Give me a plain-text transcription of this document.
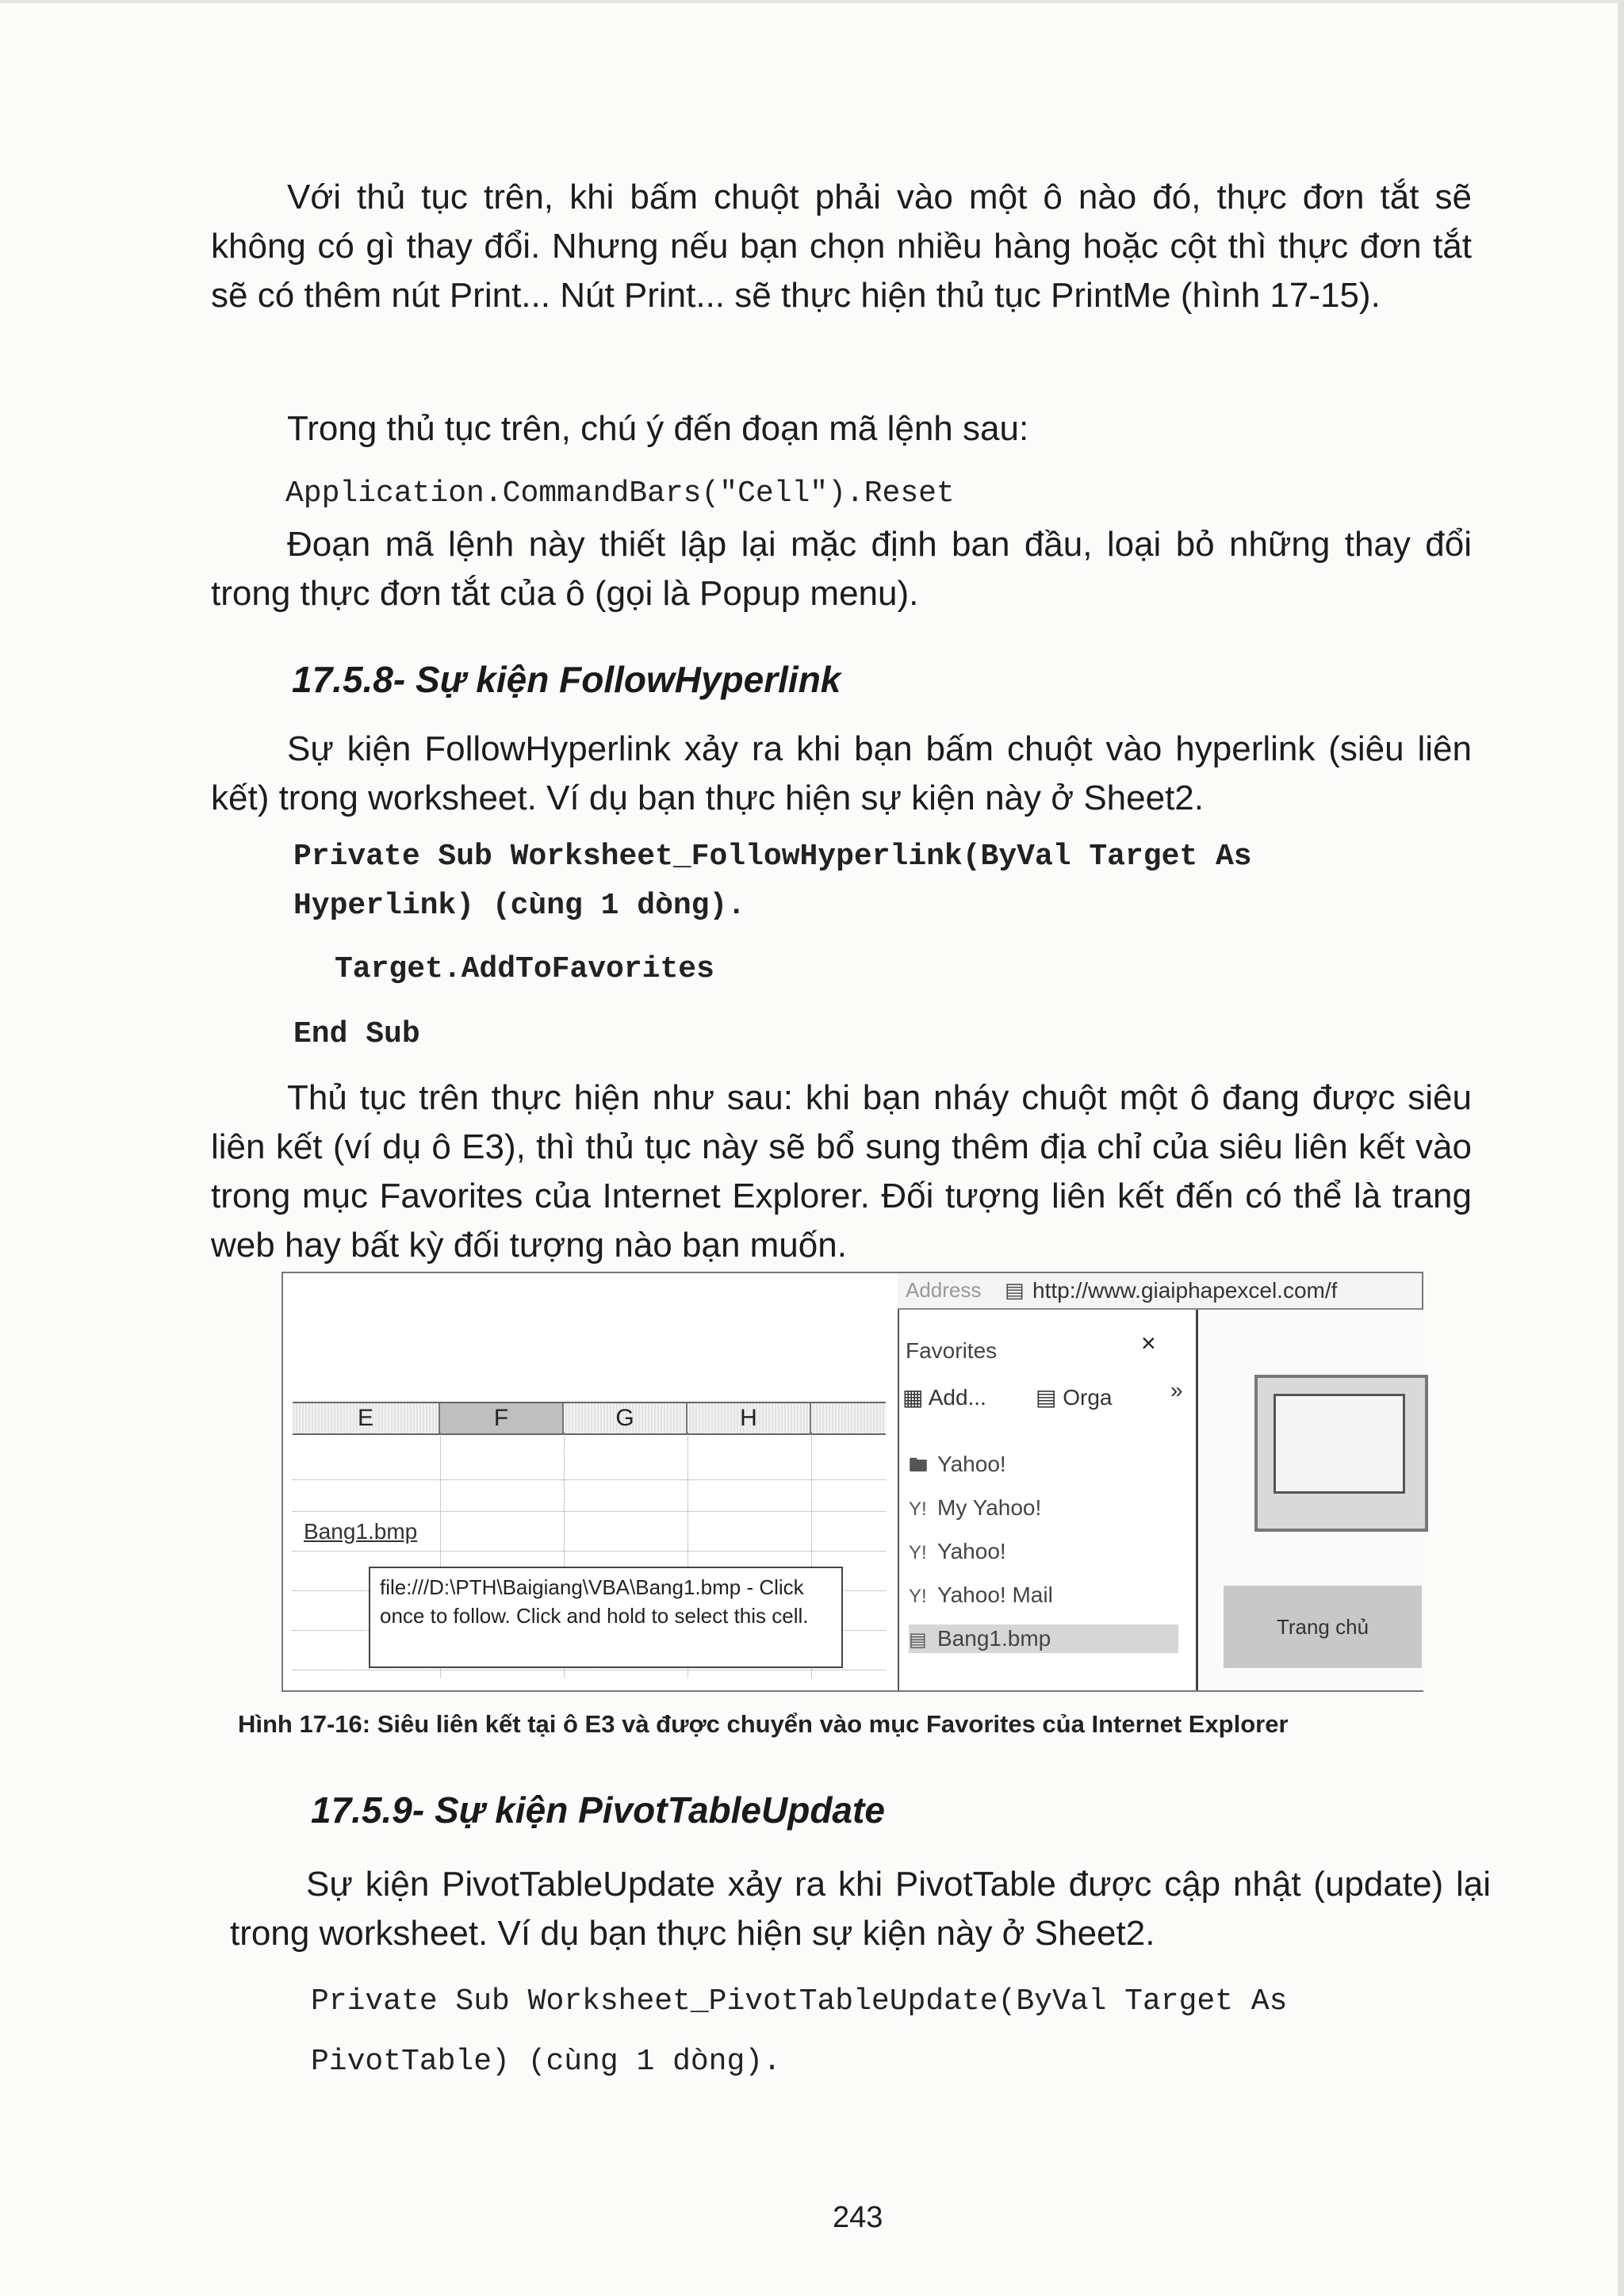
Với thủ tục trên, khi bấm chuột phải vào một ô nào đó, thực đơn tắt sẽ không có gì thay đổi. Nhưng nếu bạn chọn nhiều hàng hoặc cột thì thực đơn tắt sẽ có thêm nút Print... Nút Print... sẽ thực hiện thủ tục PrintMe (hình 17-15).

Trong thủ tục trên, chú ý đến đoạn mã lệnh sau:

Application.CommandBars("Cell").Reset

Đoạn mã lệnh này thiết lập lại mặc định ban đầu, loại bỏ những thay đổi trong thực đơn tắt của ô (gọi là Popup menu).

17.5.8- Sự kiện FollowHyperlink

Sự kiện FollowHyperlink xảy ra khi bạn bấm chuột vào hyperlink (siêu liên kết) trong worksheet. Ví dụ bạn thực hiện sự kiện này ở Sheet2.

Private Sub Worksheet_FollowHyperlink(ByVal Target As

Hyperlink) (cùng 1 dòng).

Target.AddToFavorites

End Sub

Thủ tục trên thực hiện như sau: khi bạn nháy chuột một ô đang được siêu liên kết (ví dụ ô E3), thì thủ tục này sẽ bổ sung thêm địa chỉ của siêu liên kết vào trong mục Favorites của Internet Explorer. Đối tượng liên kết đến có thể là trang web hay bất kỳ đối tượng nào bạn muốn.

E	F	G	H
Bang1.bmp
file:///D:\PTH\Baigiang\VBA\Bang1.bmp - Click once to follow. Click and hold to select this cell.
Favorites	×
▦ Add... ▤ Orga	»
🖿 Yahoo!
Y! My Yahoo!
Y! Yahoo!
Y! Yahoo! Mail
▤ Bang1.bmp
Address ▤ http://www.giaiphapexcel.com/f
Trang chủ

Hình 17-16: Siêu liên kết tại ô E3 và được chuyển vào mục Favorites của Internet Explorer

17.5.9- Sự kiện PivotTableUpdate

Sự kiện PivotTableUpdate xảy ra khi PivotTable được cập nhật (update) lại trong worksheet. Ví dụ bạn thực hiện sự kiện này ở Sheet2.

Private Sub Worksheet_PivotTableUpdate(ByVal Target As

PivotTable) (cùng 1 dòng).

243
